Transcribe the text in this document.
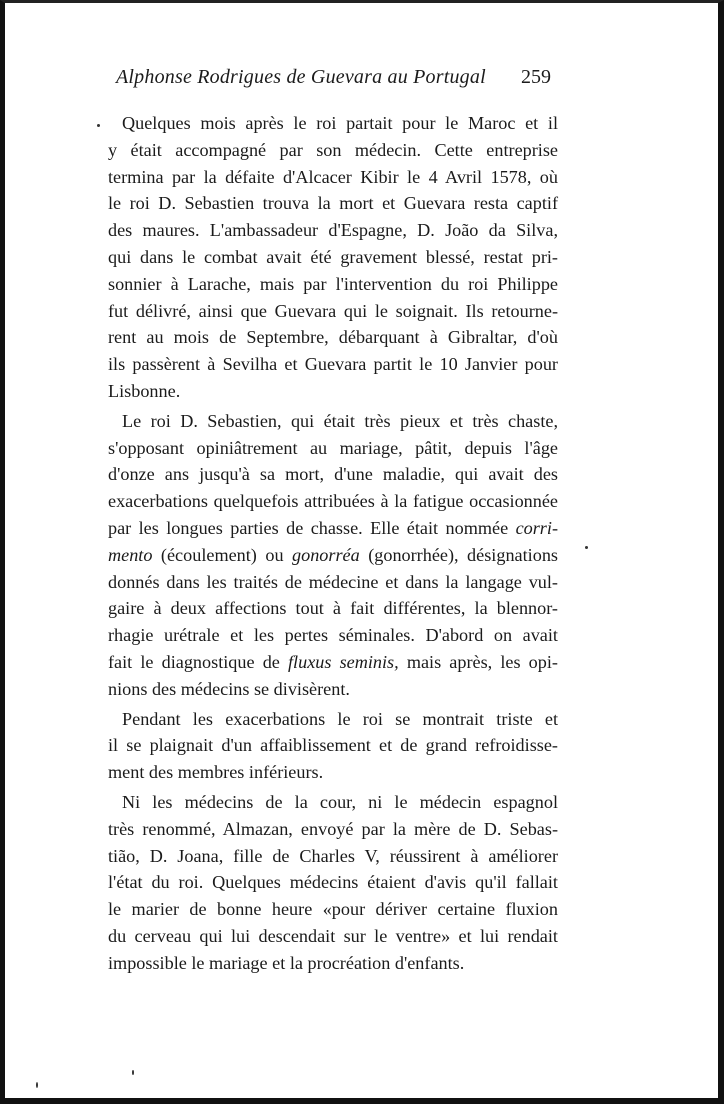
Alphonse Rodrigues de Guevara au Portugal 259
Quelques mois après le roi partait pour le Maroc et il
y était accompagné par son médecin. Cette entreprise
termina par la défaite d'Alcacer Kibir le 4 Avril 1578, où
le roi D. Sebastien trouva la mort et Guevara resta captif
des maures. L'ambassadeur d'Espagne, D. João da Silva,
qui dans le combat avait été gravement blessé, restat pri-
sonnier à Larache, mais par l'intervention du roi Philippe
fut délivré, ainsi que Guevara qui le soignait. Ils retourne-
rent au mois de Septembre, débarquant à Gibraltar, d'où
ils passèrent à Sevilha et Guevara partit le 10 Janvier pour
Lisbonne.
Le roi D. Sebastien, qui était très pieux et très chaste,
s'opposant opiniâtrement au mariage, pâtit, depuis l'âge
d'onze ans jusqu'à sa mort, d'une maladie, qui avait des
exacerbations quelquefois attribuées à la fatigue occasionnée
par les longues parties de chasse. Elle était nommée corri-
mento (écoulement) ou gonorréa (gonorrhée), désignations
donnés dans les traités de médecine et dans la langage vul-
gaire à deux affections tout à fait différentes, la blennor-
rhagie urétrale et les pertes séminales. D'abord on avait
fait le diagnostique de fluxus seminis, mais après, les opi-
nions des médecins se divisèrent.
Pendant les exacerbations le roi se montrait triste et
il se plaignait d'un affaiblissement et de grand refroidisse-
ment des membres inférieurs.
Ni les médecins de la cour, ni le médecin espagnol
très renommé, Almazan, envoyé par la mère de D. Sebas-
tião, D. Joana, fille de Charles V, réussirent à améliorer
l'état du roi. Quelques médecins étaient d'avis qu'il fallait
le marier de bonne heure «pour dériver certaine fluxion
du cerveau qui lui descendait sur le ventre» et lui rendait
impossible le mariage et la procréation d'enfants.
